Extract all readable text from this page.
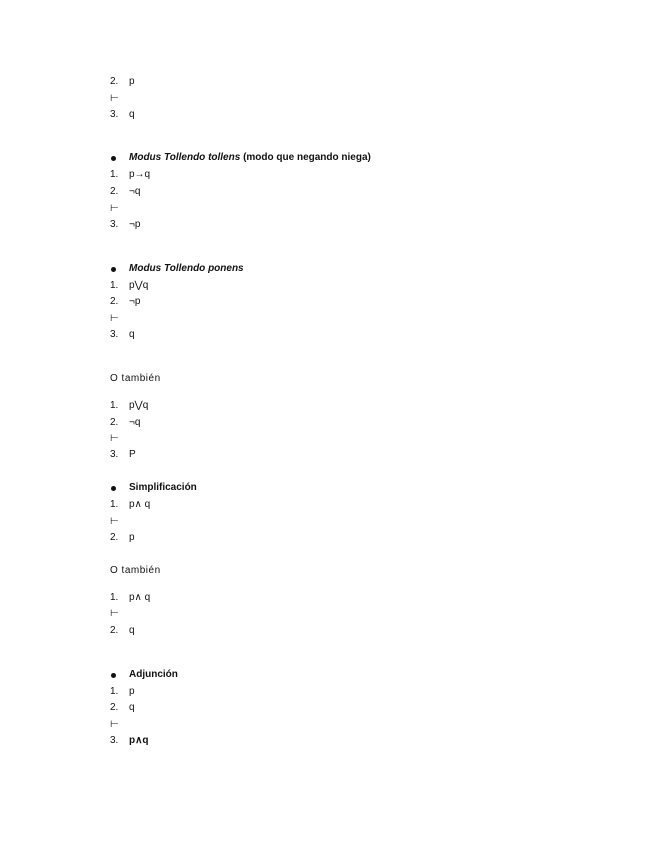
2.	p
⊢
3.	q
Modus Tollendo tollens (modo que negando niega)
1.	p→q
2.	¬q
⊢
3.	¬p
Modus Tollendo ponens
1.	p⋁q
2.	¬p
⊢
3.	q
O también
1.	p⋁q
2.	¬q
⊢
3.	P
Simplificación
1.	p∧ q
⊢
2.	p
O también
1.	p∧ q
⊢
2.	q
Adjunción
1.	p
2.	q
⊢
3.	p∧q
